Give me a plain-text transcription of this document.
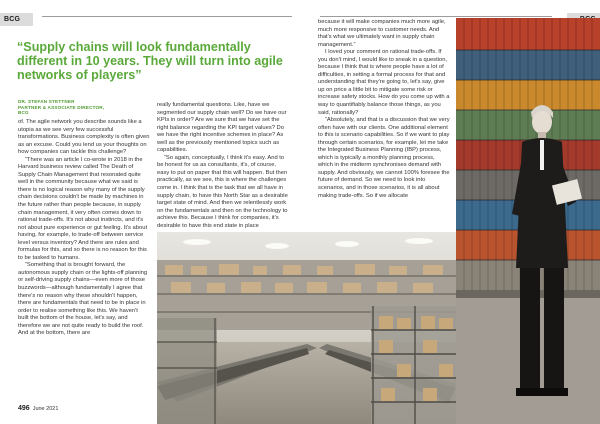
BCG
“Supply chains will look fundamentally different in 10 years. They will turn into agile networks of players”
DR. STEFAN STETTNER
PARTNER & ASSOCIATE DIRECTOR,
BCG

of. The agile network you describe sounds like a utopia as we see very few successful transformations. Business complexity is often given as an excuse. Could you lend us your thoughts on how companies can tackle this challenge?

“There was an article I co-wrote in 2018 in the Harvard business review called The Death of Supply Chain Management that resonated quite well in the community because what we said is there is no logical reason why many of the supply chain decisions couldn't be made by machines in the future rather than people because, in supply chain management, it very often comes down to rational trade-offs. It's not about instincts, and it's not about pure experience or gut feeling. It's about having, for example, to trade-off between service level versus inventory? And there are rules and formulas for this, and so there is no reason for this to be tasked to humans.

“Something that is brought forward, the autonomous supply chain or the lights-off planning or self-driving supply chains—even more of those buzzwords—although fundamentally I agree that there's no reason why these shouldn't happen, there are fundamentals that need to be in place in order to realise something like this. We haven't built the bottom of the house, let's say, and therefore we are not quite ready to build the roof. And at the bottom, there are

really fundamental questions. Like, have we segmented our supply chain well? Do we have our KPIs in order? Are we sure that we have set the right balance regarding the KPI target values? Do we have the right incentive schemes in place? As well as the previously mentioned topics such as capabilities.

“So again, conceptually, I think it's easy. And to be honest for us as consultants, it's, of course, easy to put on paper that this will happen. But then practically, as we see, this is where the challenges come in. I think that is the task that we all have in supply chain, to have this North Star as a desirable target state of mind. And then we relentlessly work on the fundamentals and then on the technology to achieve this. Because I think for companies, it's desirable to have this end state in place

because it will make companies much more agile, much more responsive to customer needs. And that's what we ultimately want in supply chain management.”

I loved your comment on rational trade-offs. If you don't mind, I would like to sneak in a question, because I think that is where people have a lot of difficulties, in setting a formal process for that and understanding that they're going to, let's say, give up on price a little bit to mitigate some risk or increase safety stocks. How do you come up with a way to quantifiably balance those things, as you said, rationally?

“Absolutely, and that is a discussion that we very often have with our clients. One additional element to this is scenario capabilities. So if we want to play through certain scenarios, for example, let me take the Integrated Business Planning (IBP) process, which is typically a monthly planning process, which in the midterm synchronises demand with supply. And obviously, we cannot 100% foresee the future of demand. So we need to look into scenarios, and in those scenarios, it is all about making trade-offs. So if we allocate

496 June 2021
